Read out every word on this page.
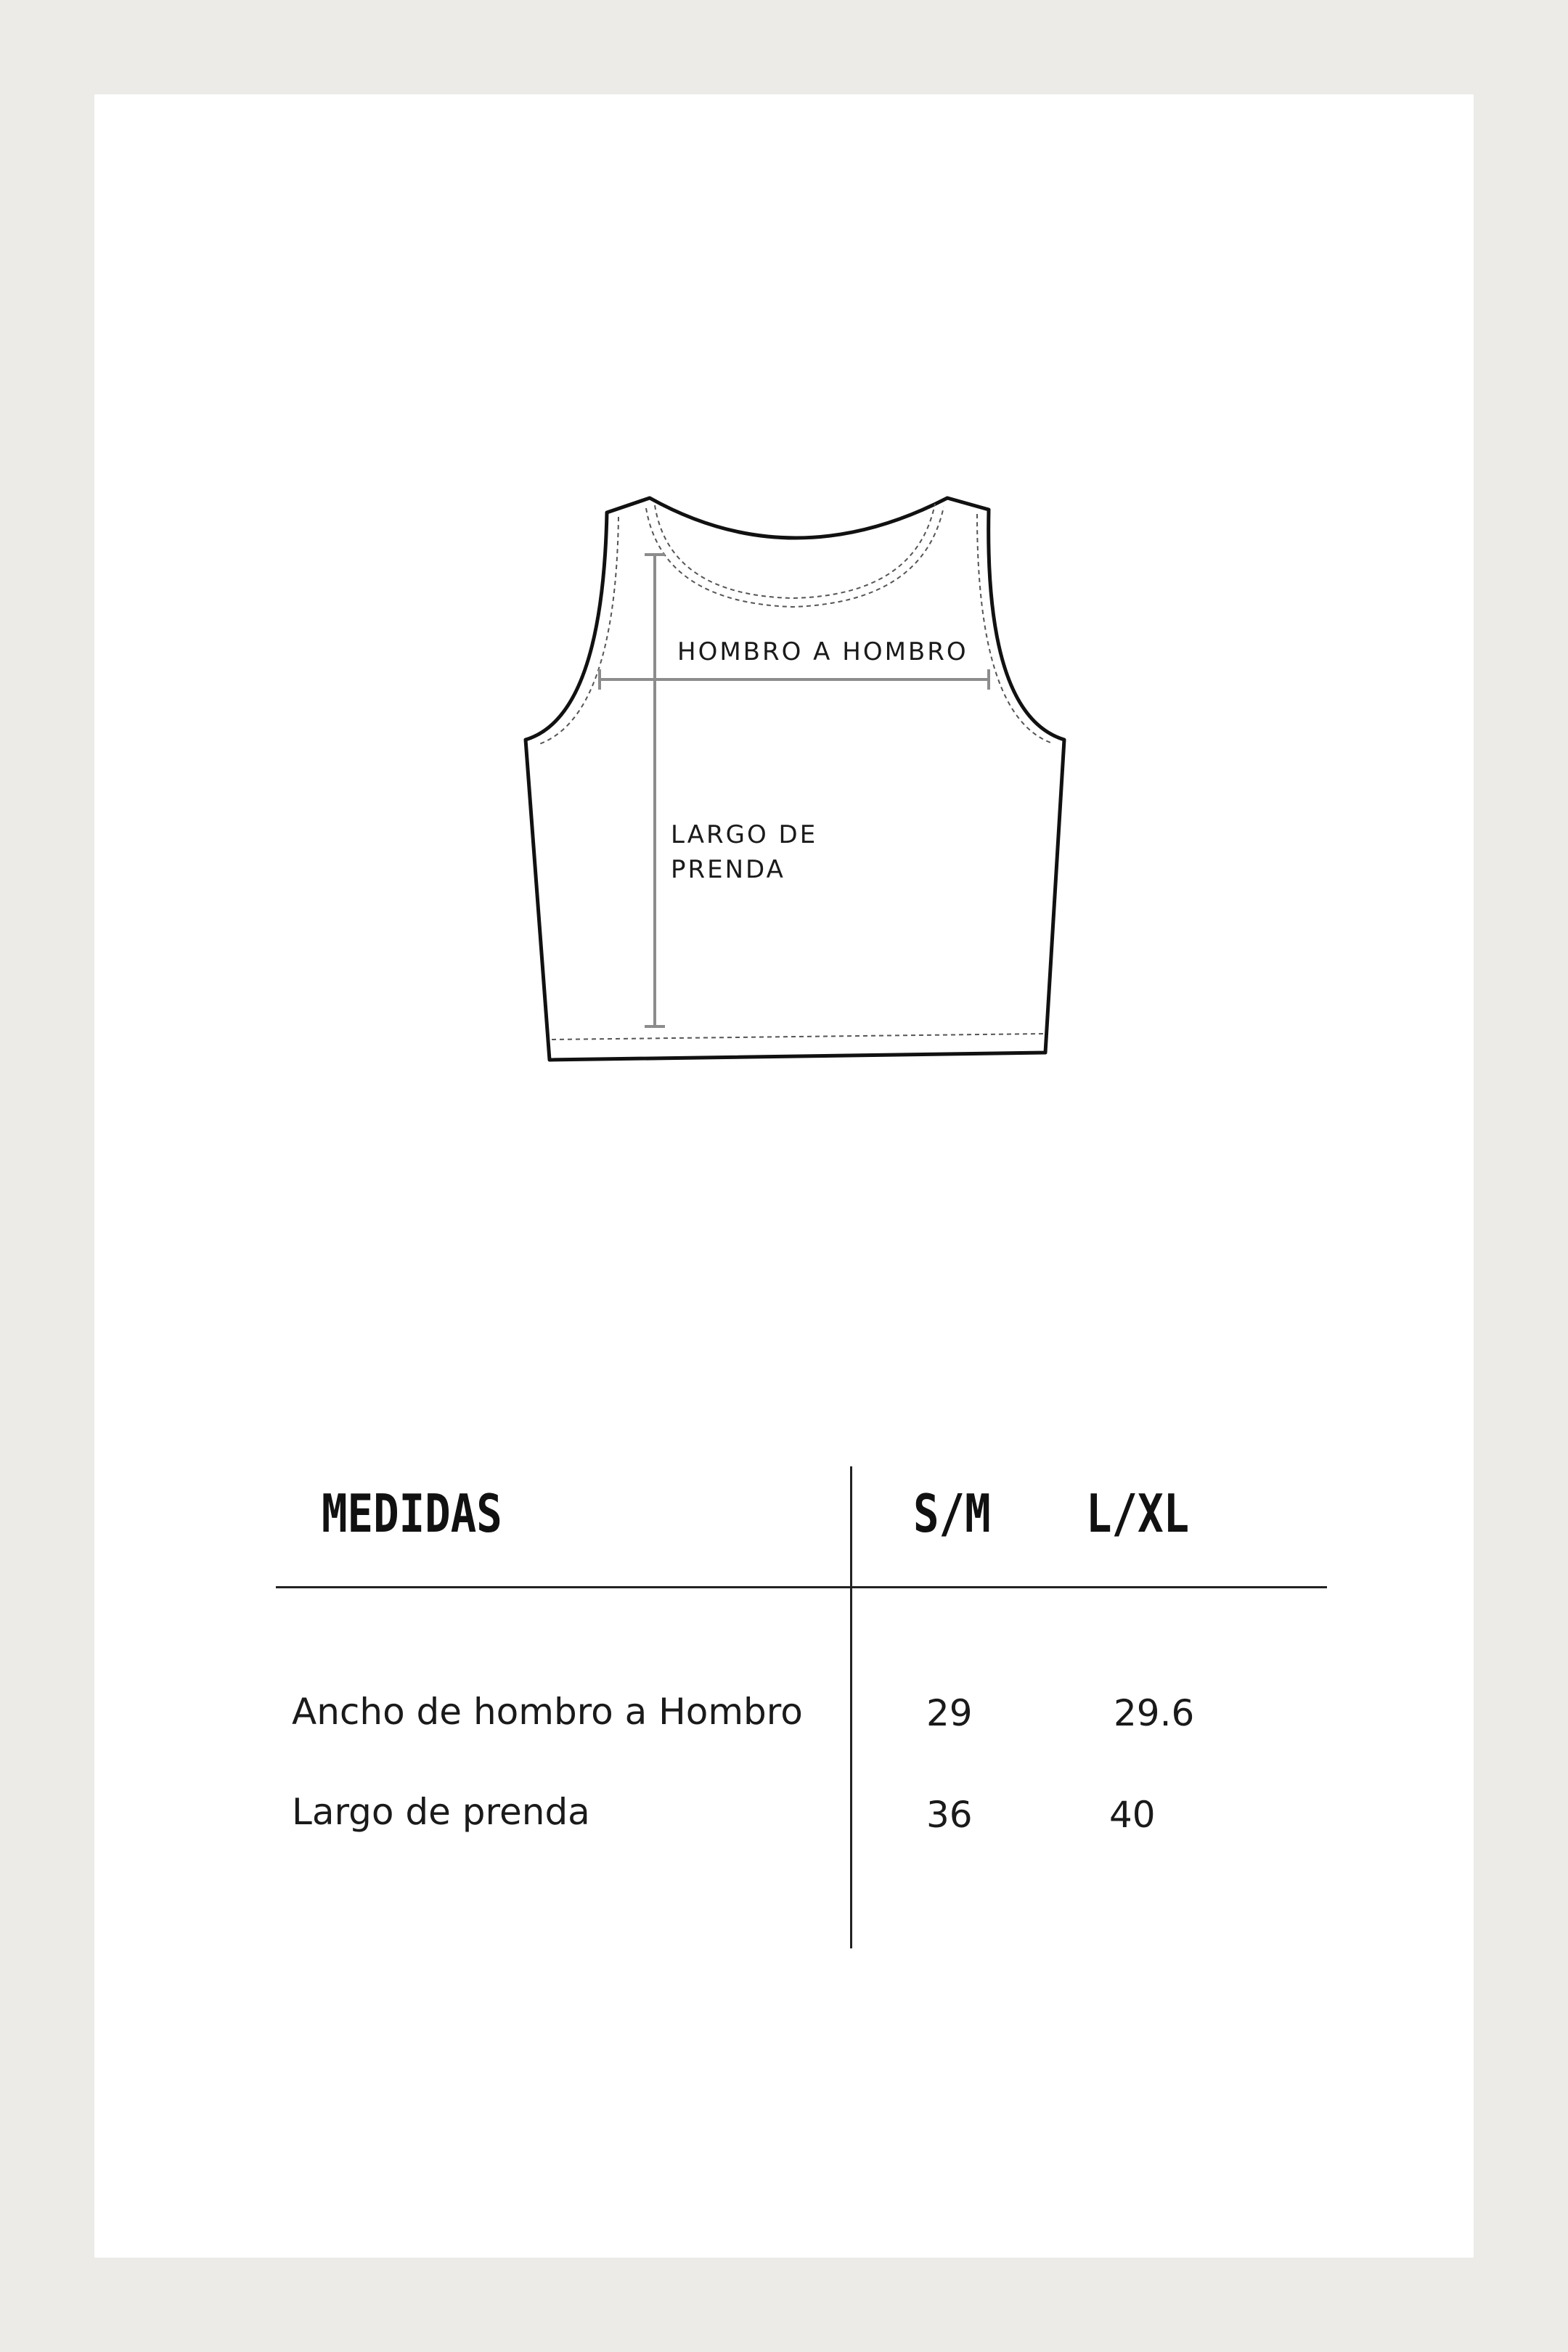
HOMBRO A HOMBRO
LARGO DE
PRENDA
MEDIDAS	S/M L/XL
Ancho de hombro a Hombro	29	29.6
Largo de prenda	36	40
